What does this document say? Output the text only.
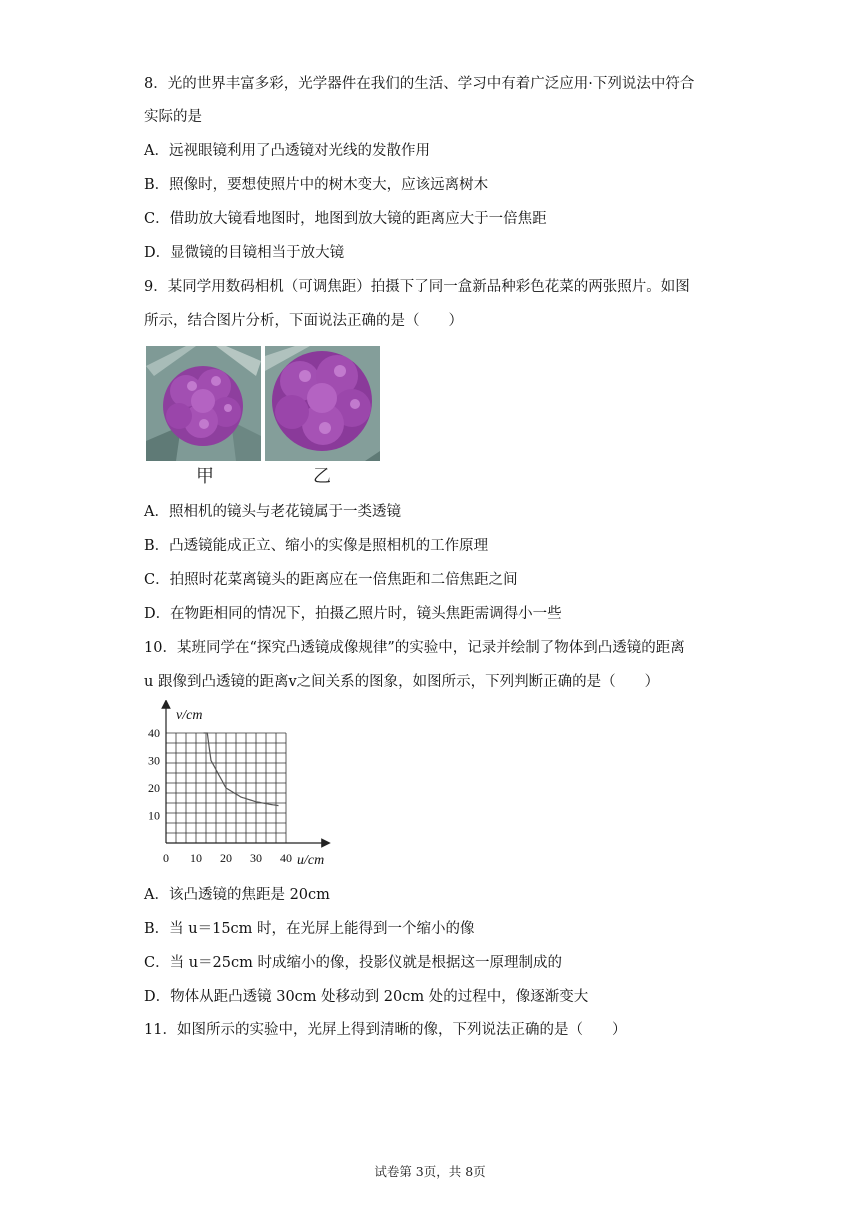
8．光的世界丰富多彩，光学器件在我们的生活、学习中有着广泛应用·下列说法中符合
实际的是
A．远视眼镜利用了凸透镜对光线的发散作用
B．照像时，要想使照片中的树木变大，应该远离树木
C．借助放大镜看地图时，地图到放大镜的距离应大于一倍焦距
D．显微镜的目镜相当于放大镜
9．某同学用数码相机（可调焦距）拍摄下了同一盒新品种彩色花菜的两张照片。如图
所示，结合图片分析，下面说法正确的是（　　）
甲	乙
A．照相机的镜头与老花镜属于一类透镜
B．凸透镜能成正立、缩小的实像是照相机的工作原理
C．拍照时花菜离镜头的距离应在一倍焦距和二倍焦距之间
D．在物距相同的情况下，拍摄乙照片时，镜头焦距需调得小一些
10．某班同学在“探究凸透镜成像规律”的实验中，记录并绘制了物体到凸透镜的距离
u 跟像到凸透镜的距离v之间关系的图象，如图所示，下列判断正确的是（　　）
0 10 20 30 40
10
20
30
40
v/cm
u/cm
A．该凸透镜的焦距是 20cm
B．当 u＝15cm 时，在光屏上能得到一个缩小的像
C．当 u＝25cm 时成缩小的像，投影仪就是根据这一原理制成的
D．物体从距凸透镜 30cm 处移动到 20cm 处的过程中，像逐渐变大
11．如图所示的实验中，光屏上得到清晰的像，下列说法正确的是（　　）
试卷第 3页，共 8页
